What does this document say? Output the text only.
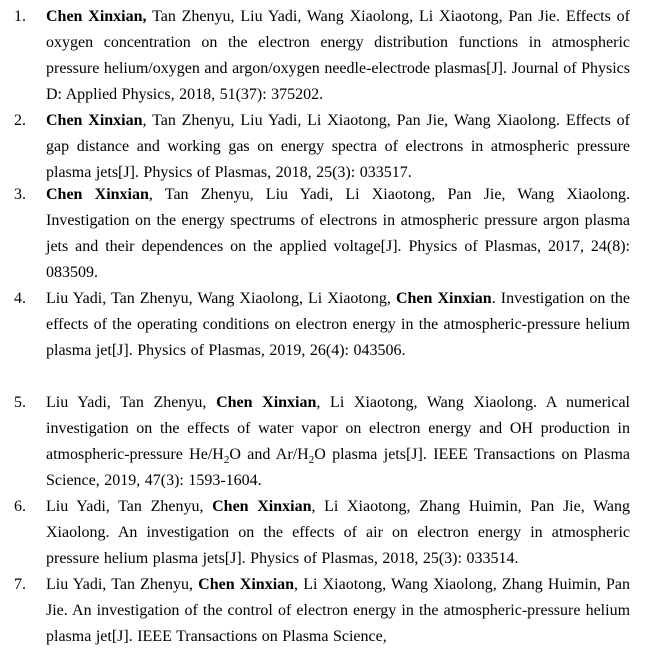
1.	Chen Xinxian, Tan Zhenyu, Liu Yadi, Wang Xiaolong, Li Xiaotong, Pan Jie. Effects of oxygen concentration on the electron energy distribution functions in atmospheric pressure helium/oxygen and argon/oxygen needle-electrode plasmas[J]. Journal of Physics D: Applied Physics, 2018, 51(37): 375202.
2.	Chen Xinxian, Tan Zhenyu, Liu Yadi, Li Xiaotong, Pan Jie, Wang Xiaolong. Effects of gap distance and working gas on energy spectra of electrons in atmospheric pressure plasma jets[J]. Physics of Plasmas, 2018, 25(3): 033517.
3.	Chen Xinxian, Tan Zhenyu, Liu Yadi, Li Xiaotong, Pan Jie, Wang Xiaolong. Investigation on the energy spectrums of electrons in atmospheric pressure argon plasma jets and their dependences on the applied voltage[J]. Physics of Plasmas, 2017, 24(8): 083509.
4.	Liu Yadi, Tan Zhenyu, Wang Xiaolong, Li Xiaotong, Chen Xinxian. Investigation on the effects of the operating conditions on electron energy in the atmospheric-pressure helium plasma jet[J]. Physics of Plasmas, 2019, 26(4): 043506.
5.	Liu Yadi, Tan Zhenyu, Chen Xinxian, Li Xiaotong, Wang Xiaolong. A numerical investigation on the effects of water vapor on electron energy and OH production in atmospheric-pressure $He/H_2O$ and $Ar/H_2O$ plasma jets[J]. IEEE Transactions on Plasma Science, 2019, 47(3): 1593-1604.
6.	Liu Yadi, Tan Zhenyu, Chen Xinxian, Li Xiaotong, Zhang Huimin, Pan Jie, Wang Xiaolong. An investigation on the effects of air on electron energy in atmospheric pressure helium plasma jets[J]. Physics of Plasmas, 2018, 25(3): 033514.
7.	Liu Yadi, Tan Zhenyu, Chen Xinxian, Li Xiaotong, Wang Xiaolong, Zhang Huimin, Pan Jie. An investigation of the control of electron energy in the atmospheric-pressure helium plasma jet[J]. IEEE Transactions on Plasma Science,
